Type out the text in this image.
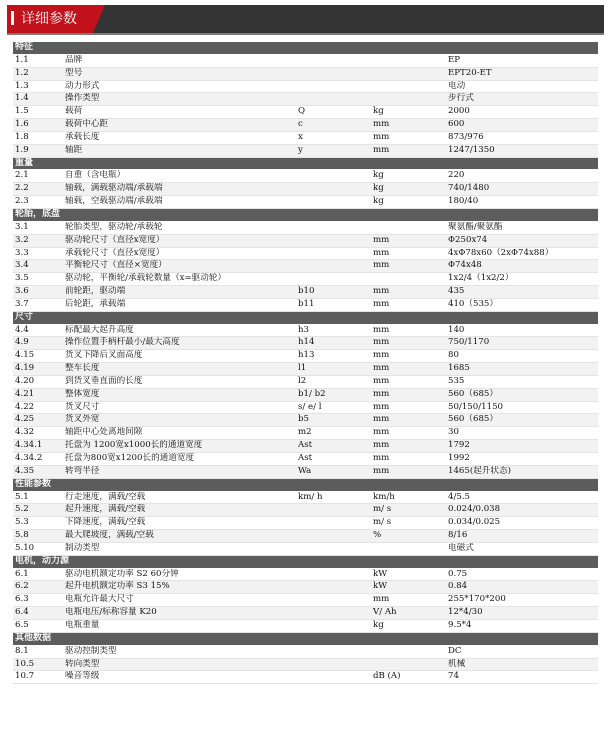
详细参数
特征				
1.1	品牌			EP
1.2	型号			EPT20-ET
1.3	动力形式			电动
1.4	操作类型			步行式
1.5	载荷	Q	kg	2000
1.6	载荷中心距	c	mm	600
1.8	承载长度	x	mm	873/976
1.9	轴距	y	mm	1247/1350
重量				
2.1	自重（含电瓶）		kg	220
2.2	轴载，满载驱动端/承载端		kg	740/1480
2.3	轴载，空载驱动端/承载端		kg	180/40
轮胎，底盘				
3.1	轮胎类型，驱动轮/承载轮			聚氨酯/聚氨酯
3.2	驱动轮尺寸（直径x宽度）		mm	Φ250x74
3.3	承载轮尺寸（直径x宽度）		mm	4xΦ78x60（2xΦ74x88）
3.4	平衡轮尺寸（直径×宽度）		mm	Φ74x48
3.5	驱动轮，平衡轮/承载轮数量（x=驱动轮）			1x2/4（1x2/2）
3.6	前轮距，驱动端	b10	mm	435
3.7	后轮距，承载端	b11	mm	410（535）
尺寸				
4.4	标配最大起升高度	h3	mm	140
4.9	操作位置手柄杆最小/最大高度	h14	mm	750/1170
4.15	货叉下降后叉面高度	h13	mm	80
4.19	整车长度	l1	mm	1685
4.20	到货叉垂直面的长度	l2	mm	535
4.21	整体宽度	b1/ b2	mm	560（685）
4.22	货叉尺寸	s/ e/ l	mm	50/150/1150
4.25	货叉外宽	b5	mm	560（685）
4.32	轴距中心处离地间隙	m2	mm	30
4.34.1	托盘为 1200宽x1000长的通道宽度	Ast	mm	1792
4.34.2	托盘为800宽x1200长的通道宽度	Ast	mm	1992
4.35	转弯半径	Wa	mm	1465(起升状态)
性能参数				
5.1	行走速度，满载/空载	km/ h	km/h	4/5.5
5.2	起升速度，满载/空载		m/ s	0.024/0.038
5.3	下降速度，满载/空载		m/ s	0.034/0.025
5.8	最大爬坡度，满载/空载		%	8/16
5.10	制动类型			电磁式
电机，动力源				
6.1	驱动电机额定功率 S2 60分钟		kW	0.75
6.2	起升电机额定功率 S3 15%		kW	0.84
6.3	电瓶允许最大尺寸		mm	255*170*200
6.4	电瓶电压/标称容量 K20		V/ Ah	12*4/30
6.5	电瓶重量		kg	9.5*4
其他数据				
8.1	驱动控制类型			DC
10.5	转向类型			机械
10.7	噪音等级		dB (A)	74
